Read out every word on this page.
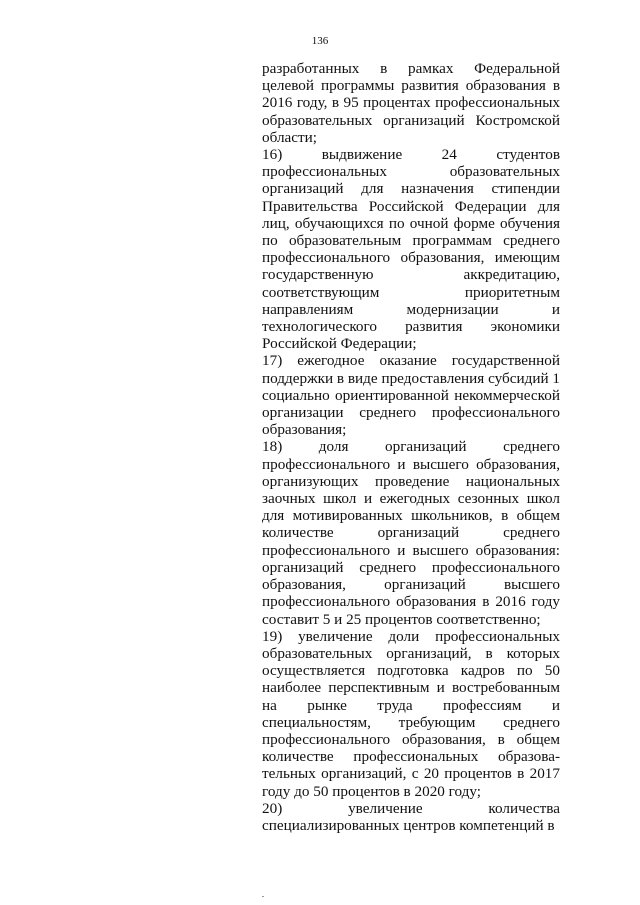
136

разработанных в рамках Федеральной целевой программы развития образования в 2016 году, в 95 процентах профессиональных образовательных организаций Костромской области;

16) выдвижение 24 студентов профессиональных образовательных организаций для назначения стипендии Правительства Российской Федерации для лиц, обучающихся по очной форме обучения по образовательным программам среднего профессионального образования, имеющим государственную аккредитацию, соответствующим приоритетным направлениям модернизации и технологического развития экономики Российской Федерации;

17) ежегодное оказание государственной поддержки в виде предоставления субсидий 1 социально ориентированной некоммерческой организации среднего профессионального образования;

18) доля организаций среднего профессионального и высшего образования, организующих проведение национальных заочных школ и ежегодных сезонных школ для мотивированных школьников, в общем количестве организаций среднего профессионального и высшего образования: организаций среднего профессионального образования, организаций высшего профессионального образования в 2016 году составит 5 и 25 процентов соответственно;

19) увеличение доли профессиональных образовательных организаций, в которых осуществляется подготовка кадров по 50 наиболее перспективным и востребованным на рынке труда профессиям и специальностям, требующим среднего профессионального образования, в общем количестве профессиональных образовательных организаций, с 20 процентов в 2017 году до 50 процентов в 2020 году;

20) увеличение количества специализированных центров компетенций в
